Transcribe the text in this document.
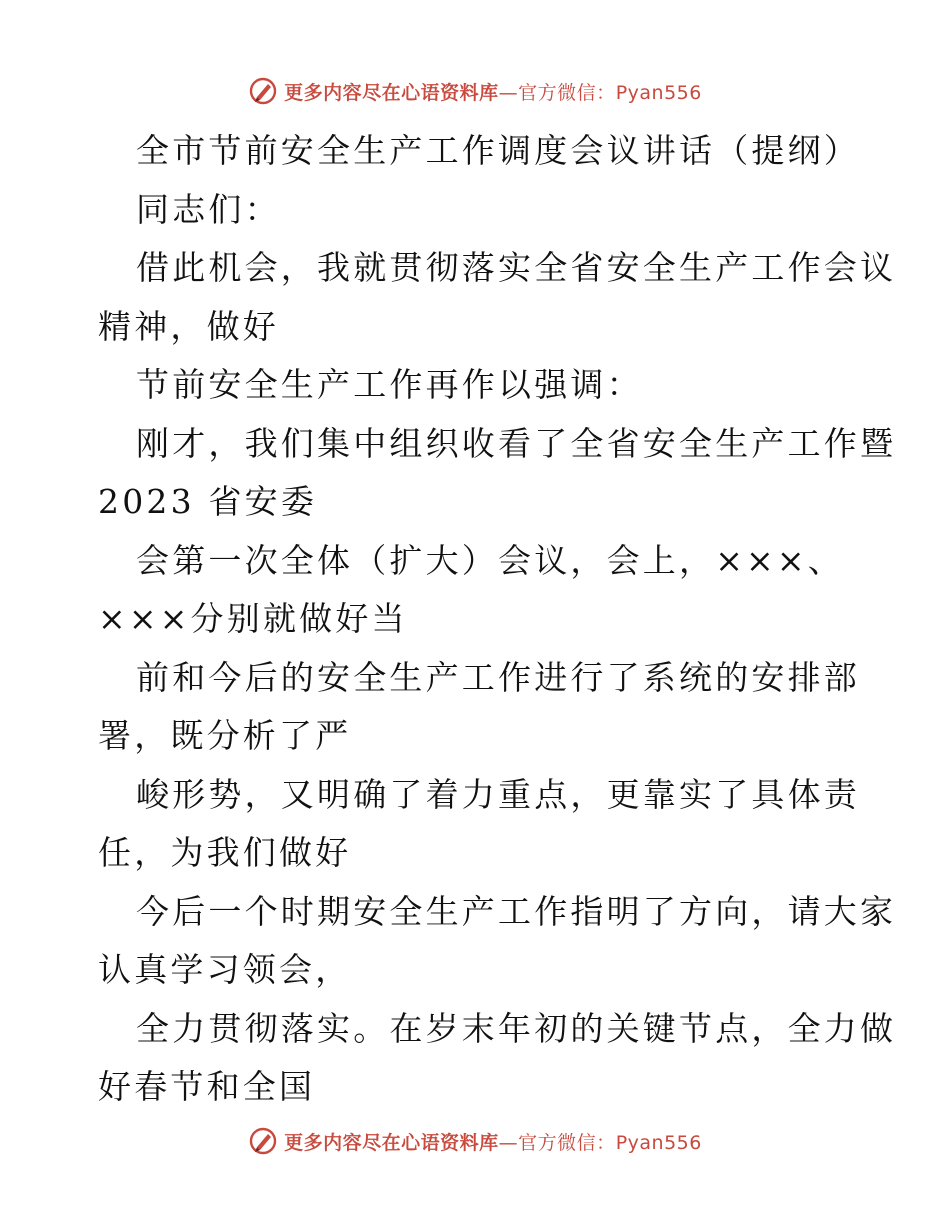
更多内容尽在心语资料库—官方微信：Pyan556

全市节前安全生产工作调度会议讲话（提纲）

同志们：

借此机会，我就贯彻落实全省安全生产工作会议

精神，做好

节前安全生产工作再作以强调：

刚才，我们集中组织收看了全省安全生产工作暨

2023 省安委

会第一次全体（扩大）会议，会上，×××、

×××分别就做好当

前和今后的安全生产工作进行了系统的安排部

署，既分析了严

峻形势，又明确了着力重点，更靠实了具体责

任，为我们做好

今后一个时期安全生产工作指明了方向，请大家

认真学习领会，

全力贯彻落实。在岁末年初的关键节点，全力做

好春节和全国

更多内容尽在心语资料库—官方微信：Pyan556
